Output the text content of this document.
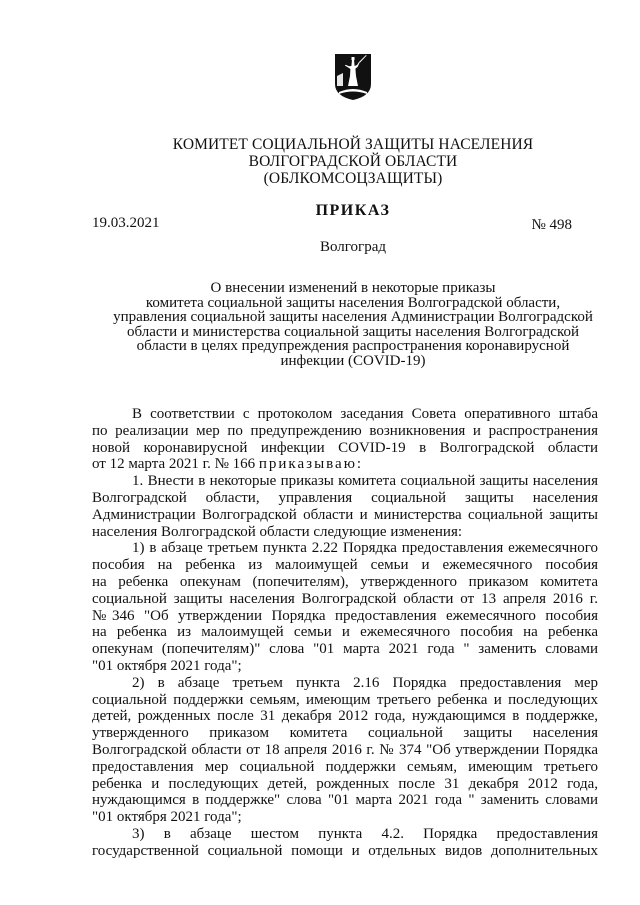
КОМИТЕТ СОЦИАЛЬНОЙ ЗАЩИТЫ НАСЕЛЕНИЯ
ВОЛГОГРАДСКОЙ ОБЛАСТИ
(ОБЛКОМСОЦЗАЩИТЫ)
ПРИКАЗ
19.03.2021	№ 498
Волгоград
О внесении изменений в некоторые приказы
комитета социальной защиты населения Волгоградской области,
управления социальной защиты населения Администрации Волгоградской
области и министерства социальной защиты населения Волгоградской
области в целях предупреждения распространения коронавирусной
инфекции (COVID-19)
В соответствии с протоколом заседания Совета оперативного штаба
по реализации мер по предупреждению возникновения и распространения
новой коронавирусной инфекции COVID-19 в Волгоградской области
от 12 марта 2021 г. № 166 приказываю:
1. Внести в некоторые приказы комитета социальной защиты населения
Волгоградской области, управления социальной защиты населения
Администрации Волгоградской области и министерства социальной защиты
населения Волгоградской области следующие изменения:
1) в абзаце третьем пункта 2.22 Порядка предоставления ежемесячного
пособия на ребенка из малоимущей семьи и ежемесячного пособия
на ребенка опекунам (попечителям), утвержденного приказом комитета
социальной защиты населения Волгоградской области от 13 апреля 2016 г.
№346 "Об утверждении Порядка предоставления ежемесячного пособия
на ребенка из малоимущей семьи и ежемесячного пособия на ребенка
опекунам (попечителям)" слова "01 марта 2021 года " заменить словами
"01 октября 2021 года";
2) в абзаце третьем пункта 2.16 Порядка предоставления мер
социальной поддержки семьям, имеющим третьего ребенка и последующих
детей, рожденных после 31 декабря 2012 года, нуждающимся в поддержке,
утвержденного приказом комитета социальной защиты населения
Волгоградской области от 18 апреля 2016 г. № 374 "Об утверждении Порядка
предоставления мер социальной поддержки семьям, имеющим третьего
ребенка и последующих детей, рожденных после 31 декабря 2012 года,
нуждающимся в поддержке" слова "01 марта 2021 года " заменить словами
"01 октября 2021 года";
3) в абзаце шестом пункта 4.2. Порядка предоставления
государственной социальной помощи и отдельных видов дополнительных
